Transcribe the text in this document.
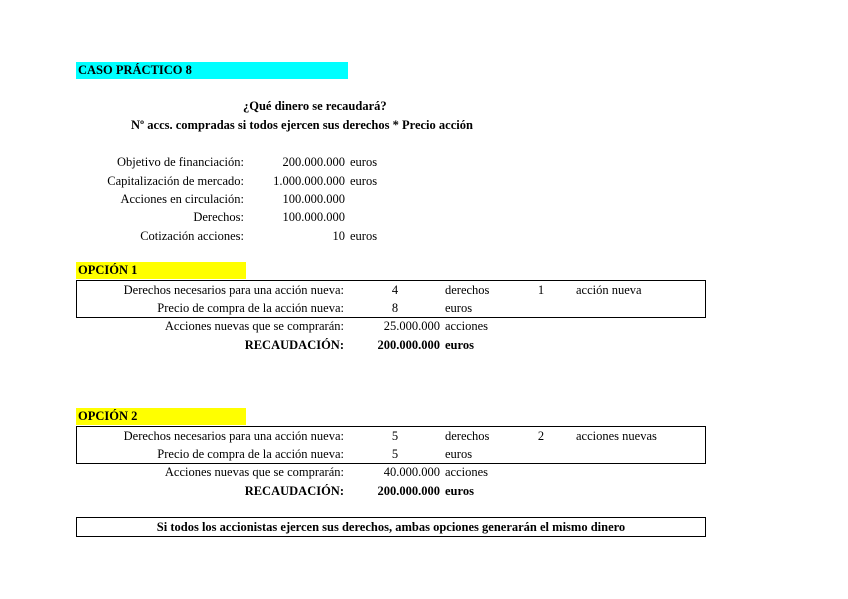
CASO PRÁCTICO 8
¿Qué dinero se recaudará?
Nº accs. compradas si todos ejercen sus derechos * Precio acción
Objetivo de financiación:	200.000.000 euros
Capitalización de mercado: 1.000.000.000 euros
Acciones en circulación:	100.000.000
Derechos:	100.000.000
Cotización acciones:	10 euros
OPCIÓN 1
Derechos necesarios para una acción nueva:	4	derechos	1	acción nueva
Precio de compra de la acción nueva:	8	euros
Acciones nuevas que se comprarán:	25.000.000 acciones
RECAUDACIÓN:	200.000.000 euros
OPCIÓN 2
Derechos necesarios para una acción nueva:	5	derechos	2	acciones nuevas
Precio de compra de la acción nueva:	5	euros
Acciones nuevas que se comprarán:	40.000.000 acciones
RECAUDACIÓN:	200.000.000 euros
Si todos los accionistas ejercen sus derechos, ambas opciones generarán el mismo dinero
